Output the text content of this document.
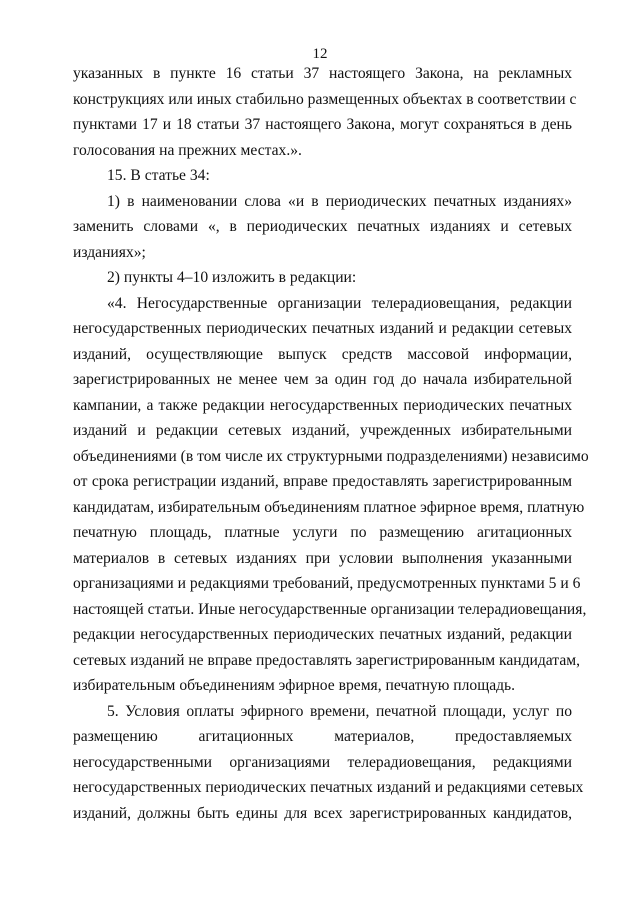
12

указанных в пункте 16 статьи 37 настоящего Закона, на рекламных
конструкциях или иных стабильно размещенных объектах в соответствии с
пунктами 17 и 18 статьи 37 настоящего Закона, могут сохраняться в день
голосования на прежних местах.».

15. В статье 34:

1) в наименовании слова «и в периодических печатных изданиях»
заменить словами «, в периодических печатных изданиях и сетевых
изданиях»;

2) пункты 4–10 изложить в редакции:

«4. Негосударственные организации телерадиовещания, редакции
негосударственных периодических печатных изданий и редакции сетевых
изданий, осуществляющие выпуск средств массовой информации,
зарегистрированных не менее чем за один год до начала избирательной
кампании, а также редакции негосударственных периодических печатных
изданий и редакции сетевых изданий, учрежденных избирательными
объединениями (в том числе их структурными подразделениями) независимо
от срока регистрации изданий, вправе предоставлять зарегистрированным
кандидатам, избирательным объединениям платное эфирное время, платную
печатную площадь, платные услуги по размещению агитационных
материалов в сетевых изданиях при условии выполнения указанными
организациями и редакциями требований, предусмотренных пунктами 5 и 6
настоящей статьи. Иные негосударственные организации телерадиовещания,
редакции негосударственных периодических печатных изданий, редакции
сетевых изданий не вправе предоставлять зарегистрированным кандидатам,
избирательным объединениям эфирное время, печатную площадь.

5. Условия оплаты эфирного времени, печатной площади, услуг по
размещению агитационных материалов, предоставляемых
негосударственными организациями телерадиовещания, редакциями
негосударственных периодических печатных изданий и редакциями сетевых
изданий, должны быть едины для всех зарегистрированных кандидатов,
